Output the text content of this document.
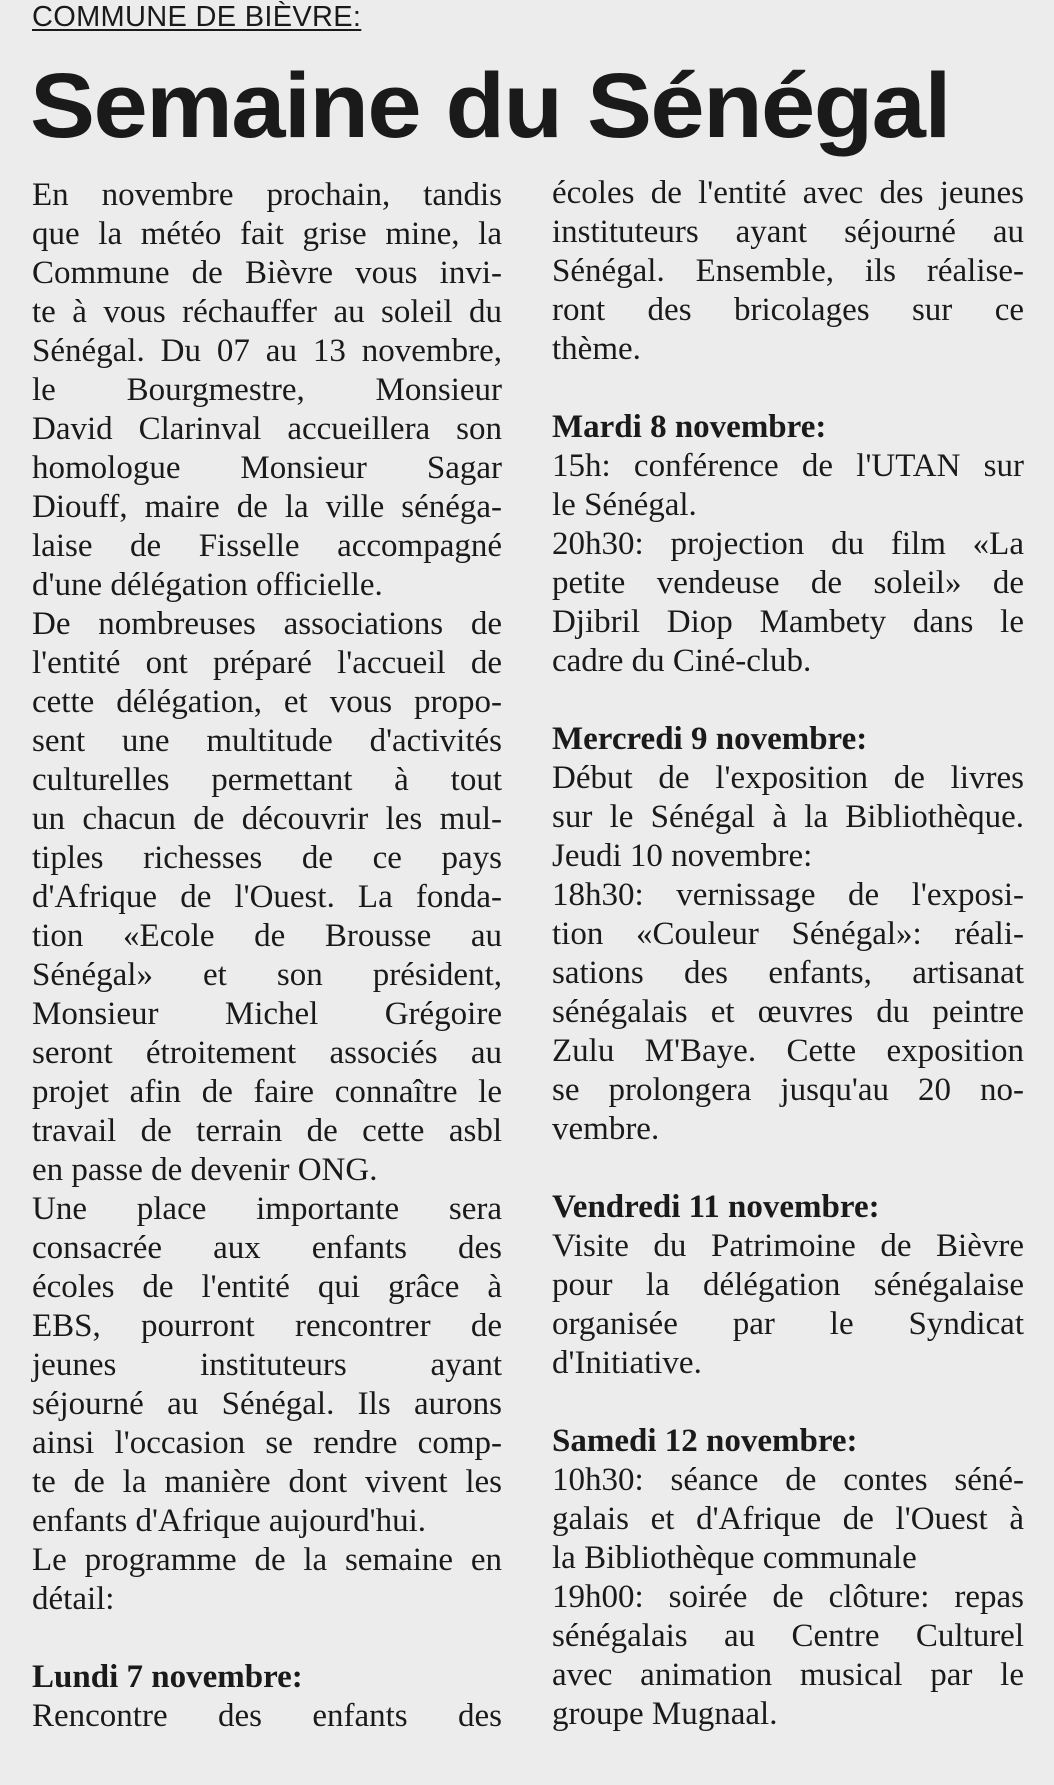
COMMUNE DE BIÈVRE:
Semaine du Sénégal
En novembre prochain, tandis
que la météo fait grise mine, la
Commune de Bièvre vous invi-
te à vous réchauffer au soleil du
Sénégal. Du 07 au 13 novembre,
le Bourgmestre, Monsieur
David Clarinval accueillera son
homologue Monsieur Sagar
Diouff, maire de la ville sénéga-
laise de Fisselle accompagné
d'une délégation officielle.
De nombreuses associations de
l'entité ont préparé l'accueil de
cette délégation, et vous propo-
sent une multitude d'activités
culturelles permettant à tout
un chacun de découvrir les mul-
tiples richesses de ce pays
d'Afrique de l'Ouest. La fonda-
tion «Ecole de Brousse au
Sénégal» et son président,
Monsieur Michel Grégoire
seront étroitement associés au
projet afin de faire connaître le
travail de terrain de cette asbl
en passe de devenir ONG.
Une place importante sera
consacrée aux enfants des
écoles de l'entité qui grâce à
EBS, pourront rencontrer de
jeunes instituteurs ayant
séjourné au Sénégal. Ils aurons
ainsi l'occasion se rendre comp-
te de la manière dont vivent les
enfants d'Afrique aujourd'hui.
Le programme de la semaine en
détail:
Lundi 7 novembre:
Rencontre des enfants des
écoles de l'entité avec des jeunes
instituteurs ayant séjourné au
Sénégal. Ensemble, ils réalise-
ront des bricolages sur ce
thème.
Mardi 8 novembre:
15h: conférence de l'UTAN sur
le Sénégal.
20h30: projection du film «La
petite vendeuse de soleil» de
Djibril Diop Mambety dans le
cadre du Ciné-club.
Mercredi 9 novembre:
Début de l'exposition de livres
sur le Sénégal à la Bibliothèque.
Jeudi 10 novembre:
18h30: vernissage de l'exposi-
tion «Couleur Sénégal»: réali-
sations des enfants, artisanat
sénégalais et œuvres du peintre
Zulu M'Baye. Cette exposition
se prolongera jusqu'au 20 no-
vembre.
Vendredi 11 novembre:
Visite du Patrimoine de Bièvre
pour la délégation sénégalaise
organisée par le Syndicat
d'Initiative.
Samedi 12 novembre:
10h30: séance de contes séné-
galais et d'Afrique de l'Ouest à
la Bibliothèque communale
19h00: soirée de clôture: repas
sénégalais au Centre Culturel
avec animation musical par le
groupe Mugnaal.
